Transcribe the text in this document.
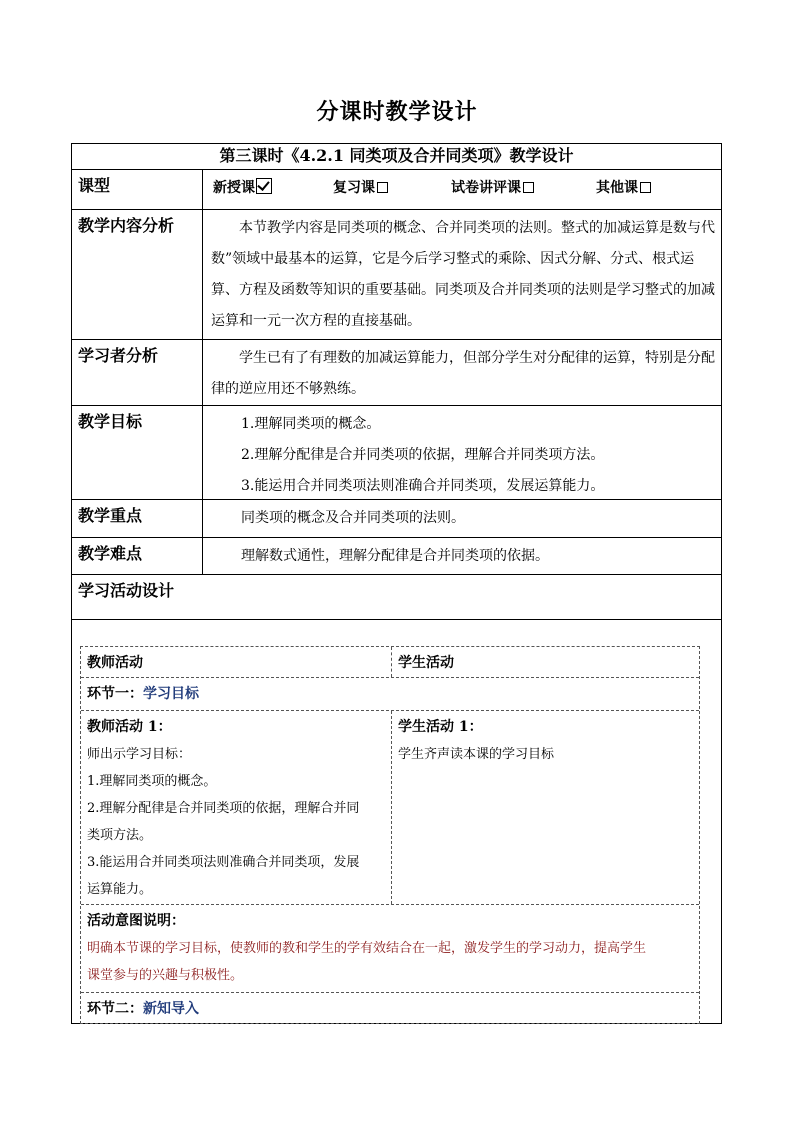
分课时教学设计
第三课时《4.2.1 同类项及合并同类项》教学设计
课型	新授课	复习课	试卷讲评课	其他课
教学内容分析	本节教学内容是同类项的概念、合并同类项的法则。整式的加减运算是数与代数”领域中最基本的运算，它是今后学习整式的乘除、因式分解、分式、根式运算、方程及函数等知识的重要基础。同类项及合并同类项的法则是学习整式的加减运算和一元一次方程的直接基础。
学习者分析	学生已有了有理数的加减运算能力，但部分学生对分配律的运算，特别是分配律的逆应用还不够熟练。
教学目标	1.理解同类项的概念。
2.理解分配律是合并同类项的依据，理解合并同类项方法。
3.能运用合并同类项法则准确合并同类项，发展运算能力。
教学重点	同类项的概念及合并同类项的法则。
教学难点	理解数式通性，理解分配律是合并同类项的依据。
学习活动设计
教师活动	学生活动
环节一：学习目标
教师活动 1：
师出示学习目标：
1.理解同类项的概念。
2.理解分配律是合并同类项的依据，理解合并同
类项方法。
3.能运用合并同类项法则准确合并同类项，发展
运算能力。
学生活动 1：
学生齐声读本课的学习目标
活动意图说明：
明确本节课的学习目标，使教师的教和学生的学有效结合在一起，激发学生的学习动力，提高学生
课堂参与的兴趣与积极性。
环节二：新知导入
